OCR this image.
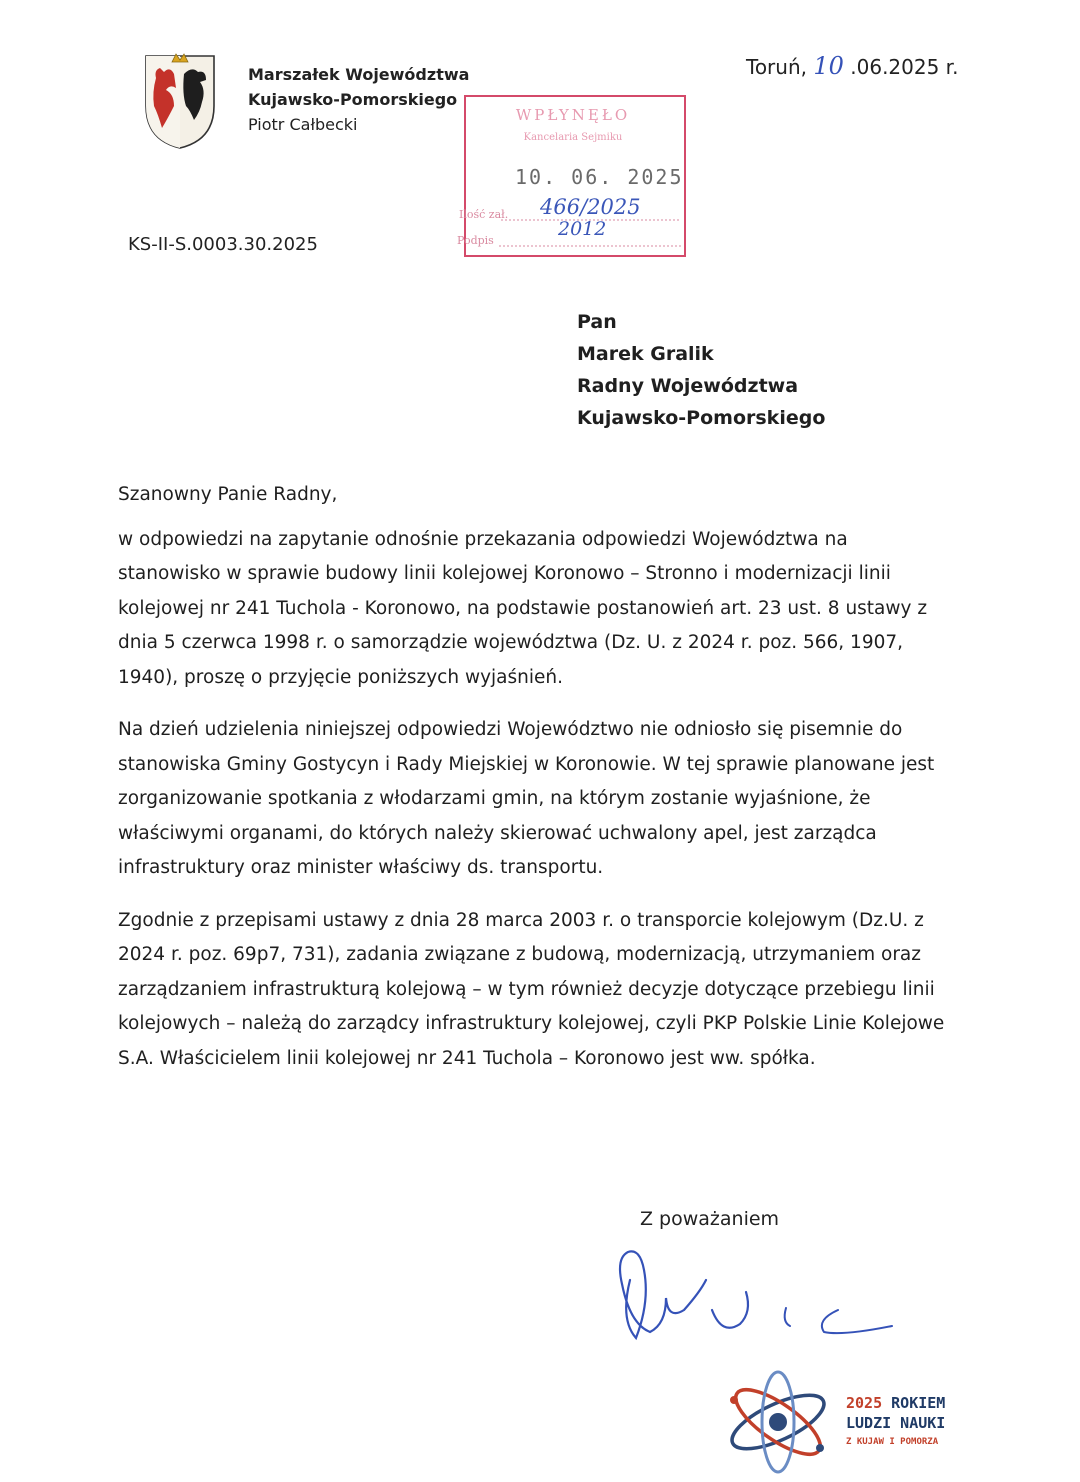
Marszałek Województwa
Kujawsko-Pomorskiego
Piotr Całbecki
Toruń, 10 .06.2025 r.
WPŁYNĘŁO
Kancelaria Sejmiku
Ilość zał.
Podpis
10. 06. 2025
466/2025
2012
KS-II-S.0003.30.2025
Pan
Marek Gralik
Radny Województwa
Kujawsko-Pomorskiego

Szanowny Panie Radny,

w odpowiedzi na zapytanie odnośnie przekazania odpowiedzi Województwa na stanowisko w sprawie budowy linii kolejowej Koronowo – Stronno i modernizacji linii kolejowej nr 241 Tuchola - Koronowo, na podstawie postanowień art. 23 ust. 8 ustawy z dnia 5 czerwca 1998 r. o samorządzie województwa (Dz. U. z 2024 r. poz. 566, 1907, 1940), proszę o przyjęcie poniższych wyjaśnień.

Na dzień udzielenia niniejszej odpowiedzi Województwo nie odniosło się pisemnie do stanowiska Gminy Gostycyn i Rady Miejskiej w Koronowie. W tej sprawie planowane jest zorganizowanie spotkania z włodarzami gmin, na którym zostanie wyjaśnione, że właściwymi organami, do których należy skierować uchwalony apel, jest zarządca infrastruktury oraz minister właściwy ds. transportu.

Zgodnie z przepisami ustawy z dnia 28 marca 2003 r. o transporcie kolejowym (Dz.U. z 2024 r. poz. 69p7, 731), zadania związane z budową, modernizacją, utrzymaniem oraz zarządzaniem infrastrukturą kolejową – w tym również decyzje dotyczące przebiegu linii kolejowych – należą do zarządcy infrastruktury kolejowej, czyli PKP Polskie Linie Kolejowe S.A. Właścicielem linii kolejowej nr 241 Tuchola – Koronowo jest ww. spółka.

Z poważaniem
2025 ROKIEM
LUDZI NAUKI
Z KUJAW I POMORZA
